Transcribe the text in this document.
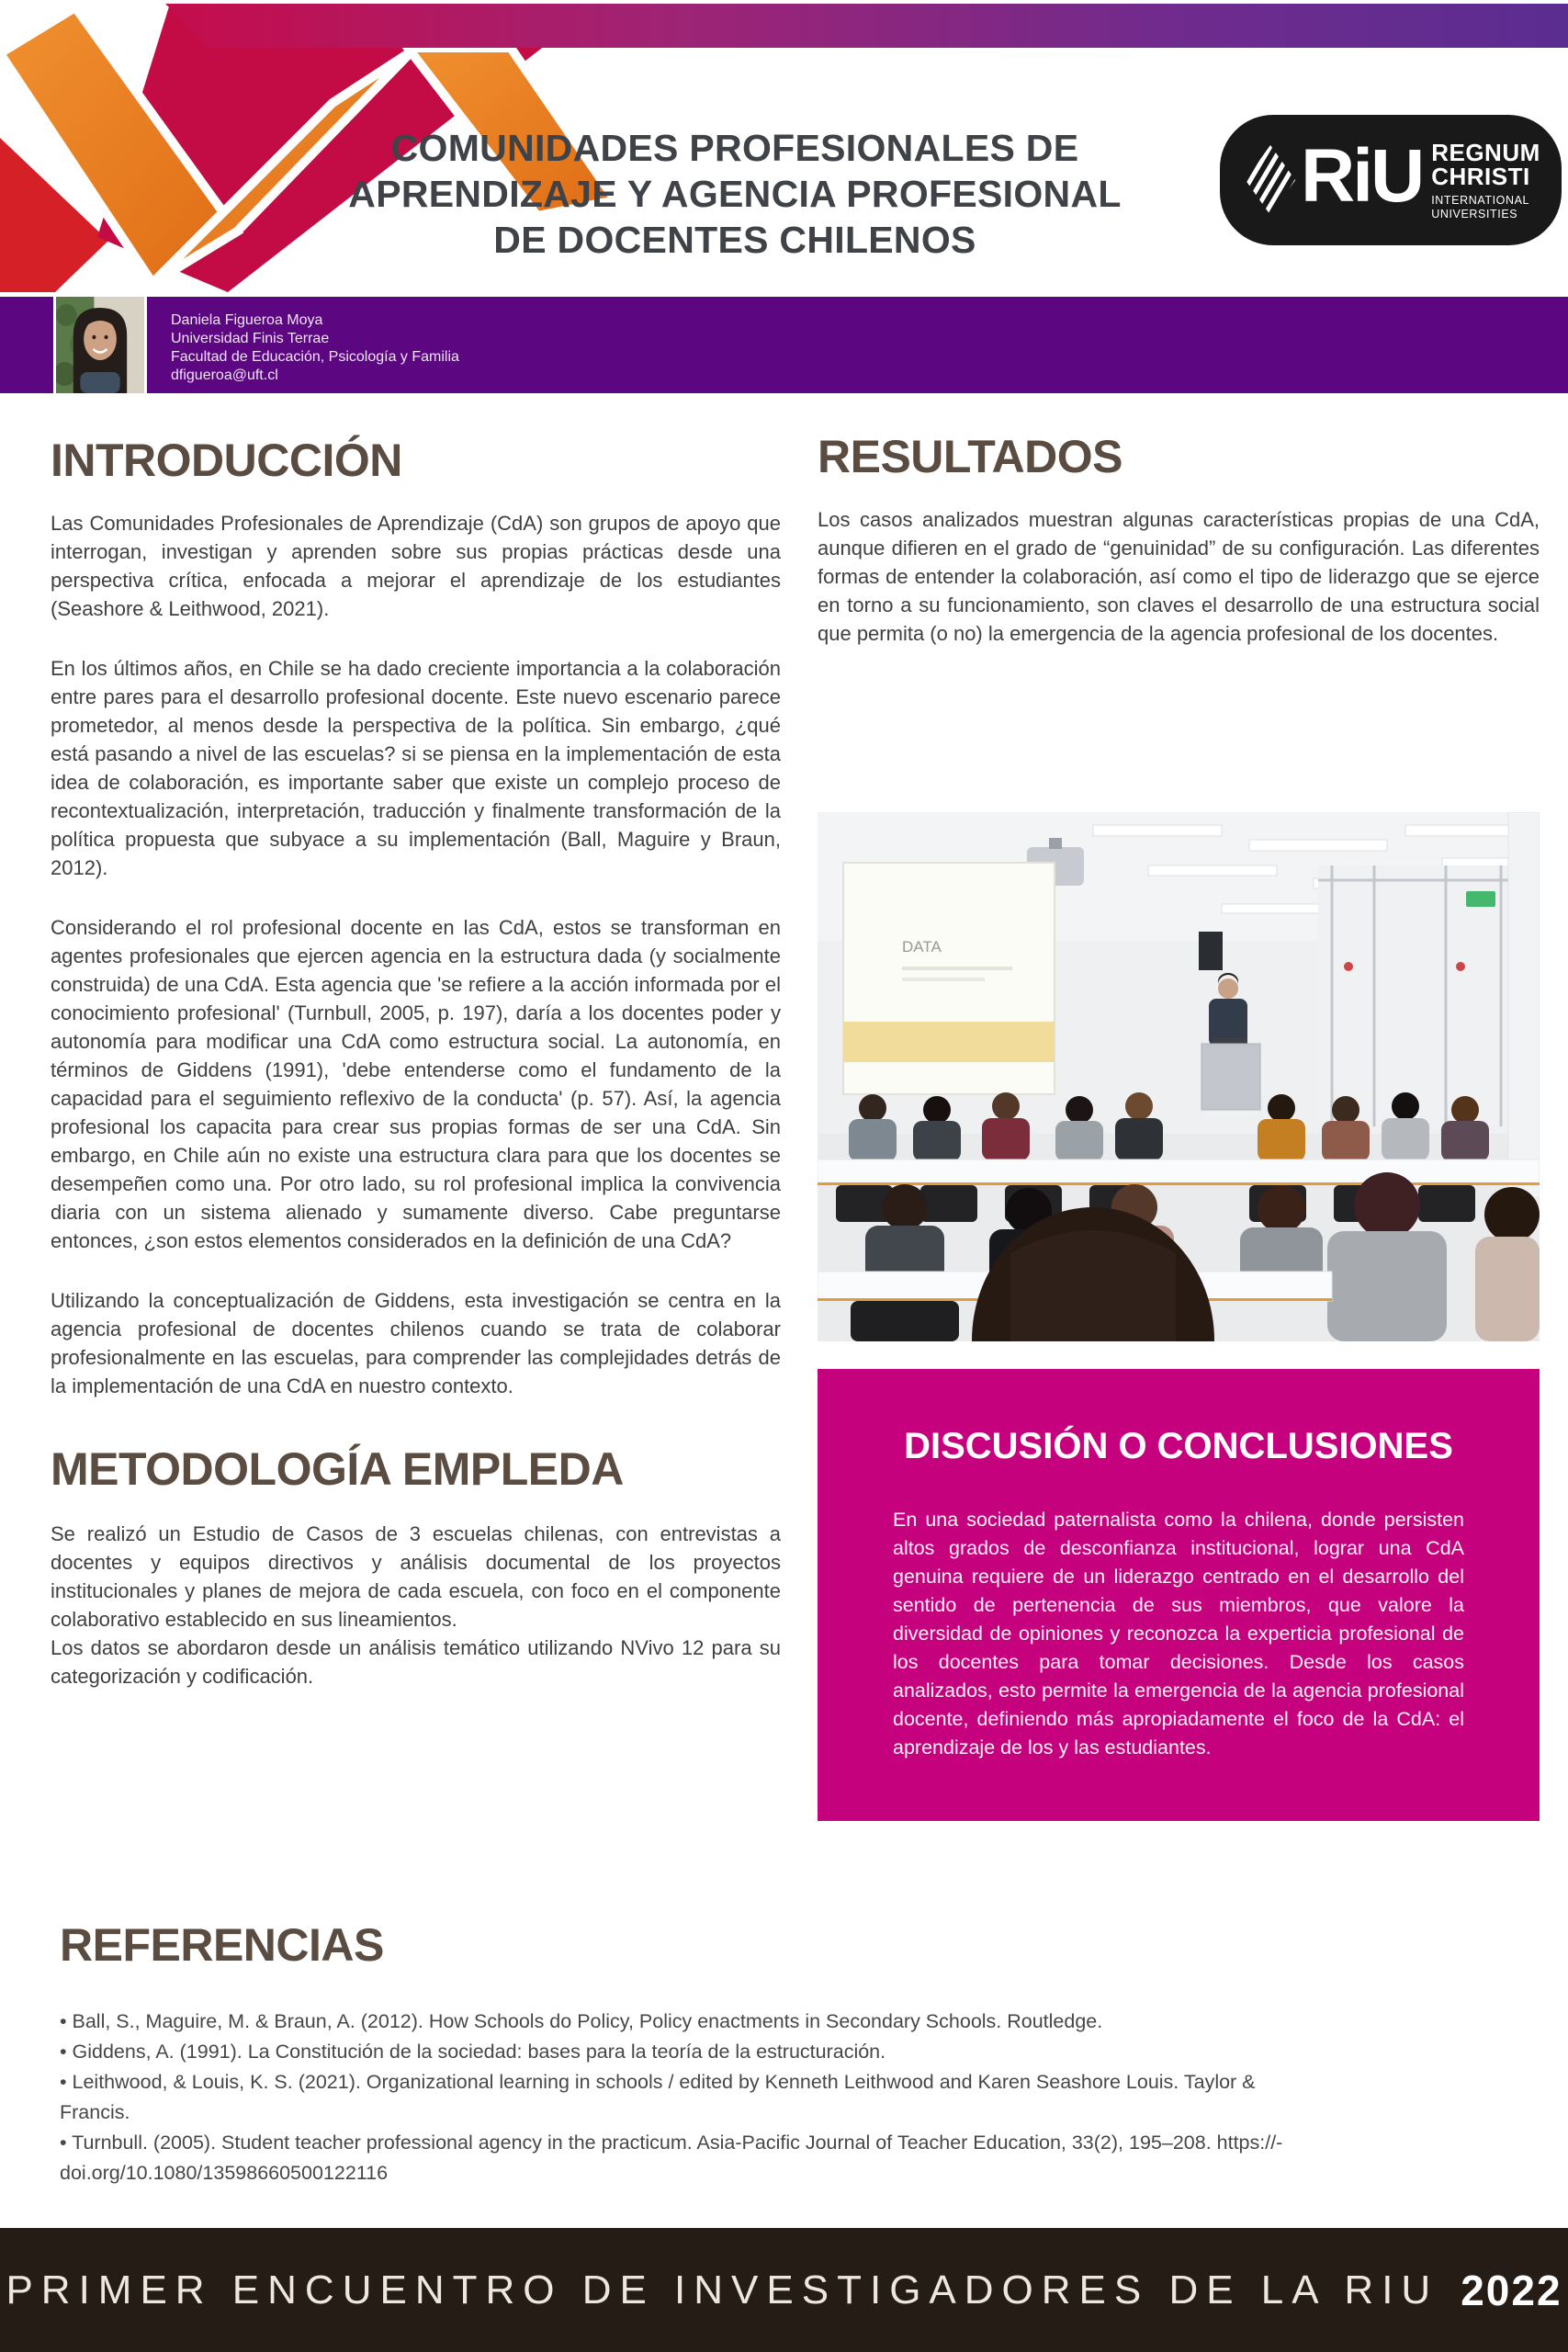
COMUNIDADES PROFESIONALES DE
APRENDIZAJE Y AGENCIA PROFESIONAL
DE DOCENTES CHILENOS
RiU REGNUM
CHRISTI
INTERNATIONAL
UNIVERSITIES
Daniela Figueroa Moya
Universidad Finis Terrae
Facultad de Educación, Psicología y Familia
dfigueroa@uft.cl
INTRODUCCIÓN

Las Comunidades Profesionales de Aprendizaje (CdA) son grupos de apoyo que interrogan, investigan y aprenden sobre sus propias prácticas desde una perspectiva crítica, enfocada a mejorar el aprendizaje de los estudiantes (Seashore & Leithwood, 2021).

En los últimos años, en Chile se ha dado creciente importancia a la colaboración entre pares para el desarrollo profesional docente. Este nuevo escenario parece prometedor, al menos desde la perspectiva de la política. Sin embargo, ¿qué está pasando a nivel de las escuelas? si se piensa en la implementación de esta idea de colaboración, es importante saber que existe un complejo proceso de recontextualización, interpretación, traducción y finalmente transformación de la política propuesta que subyace a su implementación (Ball, Maguire y Braun, 2012).

Considerando el rol profesional docente en las CdA, estos se transforman en agentes profesionales que ejercen agencia en la estructura dada (y socialmente construida) de una CdA. Esta agencia que 'se refiere a la acción informada por el conocimiento profesional' (Turnbull, 2005, p. 197), daría a los docentes poder y autonomía para modificar una CdA como estructura social. La autonomía, en términos de Giddens (1991), 'debe entenderse como el fundamento de la capacidad para el seguimiento reflexivo de la conducta' (p. 57). Así, la agencia profesional los capacita para crear sus propias formas de ser una CdA. Sin embargo, en Chile aún no existe una estructura clara para que los docentes se desempeñen como una. Por otro lado, su rol profesional implica la convivencia diaria con un sistema alienado y sumamente diverso. Cabe preguntarse entonces, ¿son estos elementos considerados en la definición de una CdA?

Utilizando la conceptualización de Giddens, esta investigación se centra en la agencia profesional de docentes chilenos cuando se trata de colaborar profesionalmente en las escuelas, para comprender las complejidades detrás de la implementación de una CdA en nuestro contexto.

METODOLOGÍA EMPLEDA

Se realizó un Estudio de Casos de 3 escuelas chilenas, con entrevistas a docentes y equipos directivos y análisis documental de los proyectos institucionales y planes de mejora de cada escuela, con foco en el componente colaborativo establecido en sus lineamientos.

Los datos se abordaron desde un análisis temático utilizando NVivo 12 para su categorización y codificación.

RESULTADOS

Los casos analizados muestran algunas características propias de una CdA, aunque difieren en el grado de “genuinidad” de su configuración. Las diferentes formas de entender la colaboración, así como el tipo de liderazgo que se ejerce en torno a su funcionamiento, son claves el desarrollo de una estructura social que permita (o no) la emergencia de la agencia profesional de los docentes.

DATA
DISCUSIÓN O CONCLUSIONES

En una sociedad paternalista como la chilena, donde persisten altos grados de desconfianza institucional, lograr una CdA genuina requiere de un liderazgo centrado en el desarrollo del sentido de pertenencia de sus miembros, que valore la diversidad de opiniones y reconozca la experticia profesional de los docentes para tomar decisiones. Desde los casos analizados, esto permite la emergencia de la agencia profesional docente, definiendo más apropiadamente el foco de la CdA: el aprendizaje de los y las estudiantes.

REFERENCIAS
• Ball, S., Maguire, M. & Braun, A. (2012). How Schools do Policy, Policy enactments in Secondary Schools. Routledge.
• Giddens, A. (1991). La Constitución de la sociedad: bases para la teoría de la estructuración.
• Leithwood, & Louis, K. S. (2021). Organizational learning in schools / edited by Kenneth Leithwood and Karen Seashore Louis. Taylor &
Francis.
• Turnbull. (2005). Student teacher professional agency in the practicum. Asia-Pacific Journal of Teacher Education, 33(2), 195–208. https://-
doi.org/10.1080/13598660500122116
PRIMER ENCUENTRO DE INVESTIGADORES DE LA RIU 2022
